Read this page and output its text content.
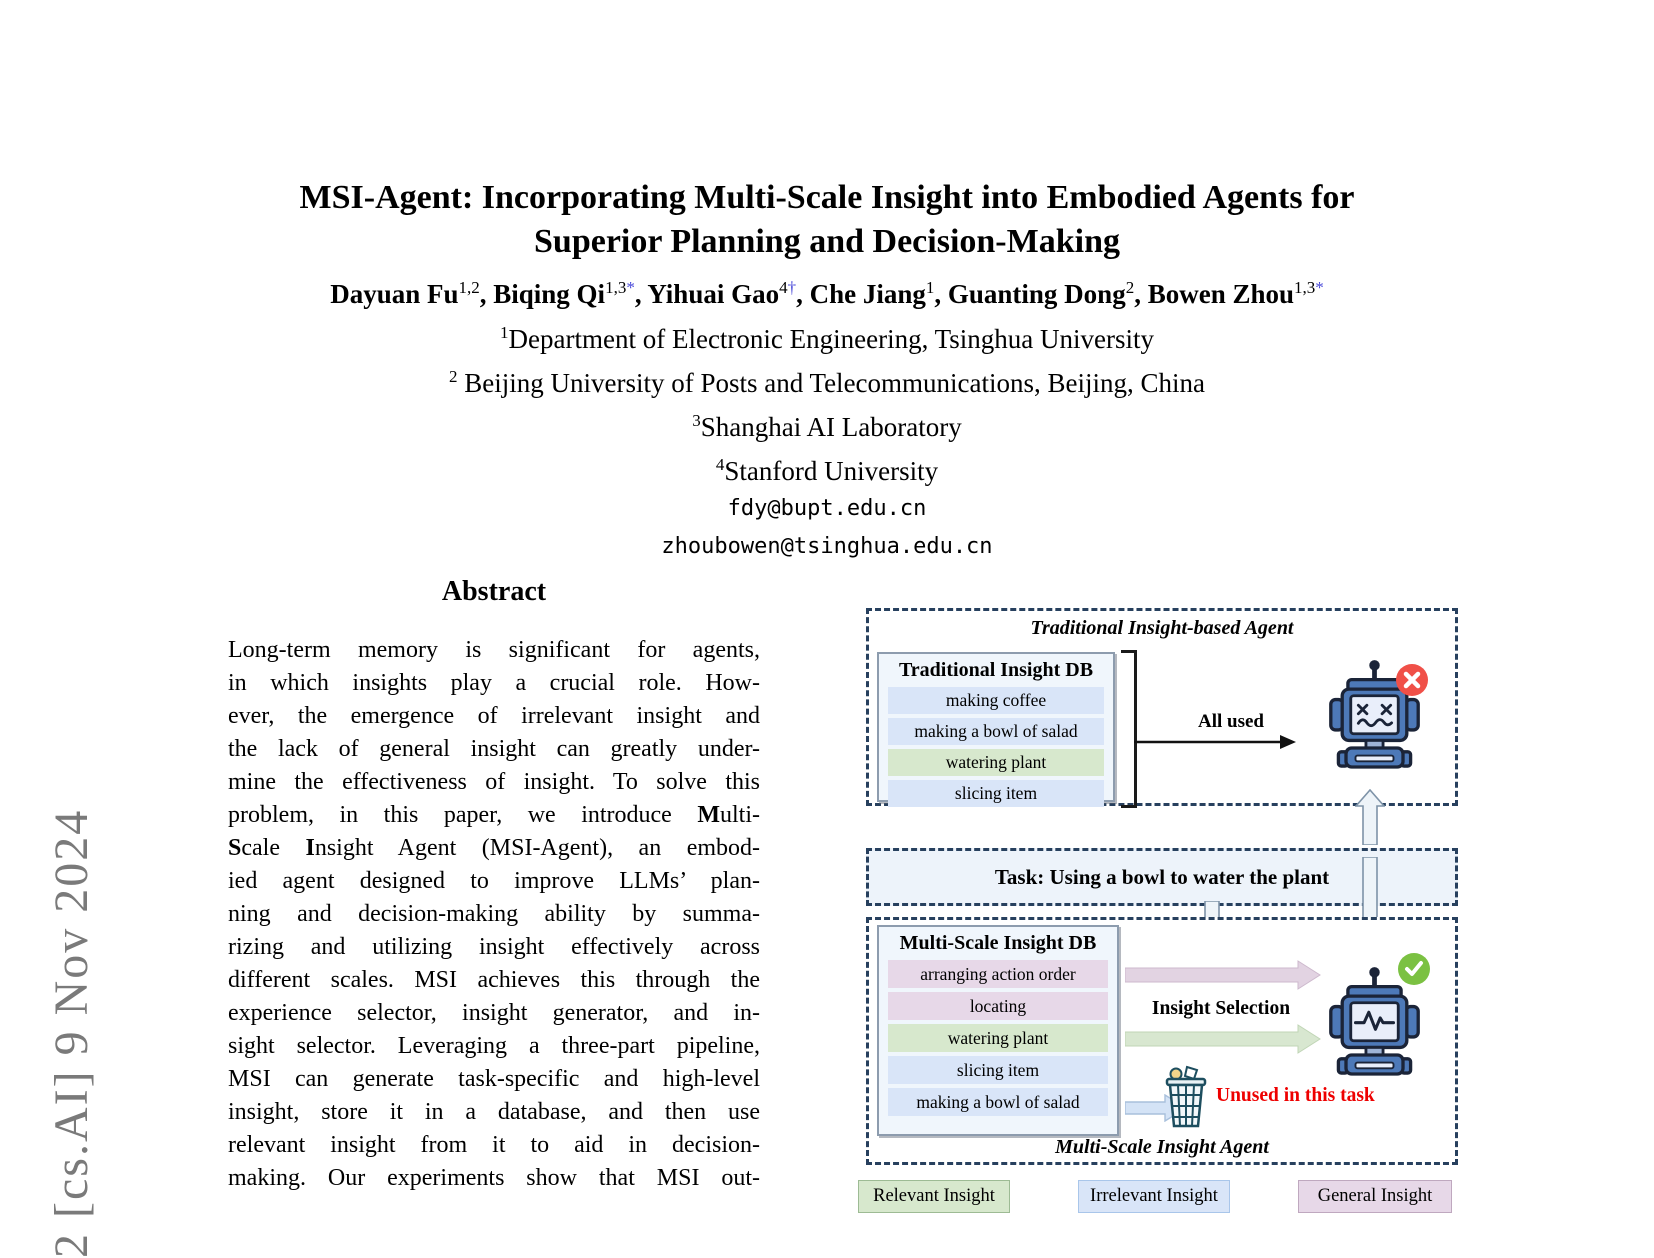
2 [cs.AI] 9 Nov 2024
MSI-Agent: Incorporating Multi-Scale Insight into Embodied Agents for
Superior Planning and Decision-Making
Dayuan Fu$^{1,2}$, Biqing $Qi^{1,3*}$, Yihuai Gao$^{4\dagger}$, Che Jiang$^1$, Guanting Dong$^2$, Bowen Zhou$^{1,3*}$
$^1$Department of Electronic Engineering, Tsinghua University
$^2$ Beijing University of Posts and Telecommunications, Beijing, China
$^3$Shanghai AI Laboratory
$^4$Stanford University
fdy@bupt.edu.cn
zhoubowen@tsinghua.edu.cn
Abstract
Long-term memory is significant for agents,
in which insights play a crucial role. How-
ever, the emergence of irrelevant insight and
the lack of general insight can greatly under-
mine the effectiveness of insight. To solve this
problem, in this paper, we introduce Multi-
Scale Insight Agent (MSI-Agent), an embod-
ied agent designed to improve LLMs’ plan-
ning and decision-making ability by summa-
rizing and utilizing insight effectively across
different scales. MSI achieves this through the
experience selector, insight generator, and in-
sight selector. Leveraging a three-part pipeline,
MSI can generate task-specific and high-level
insight, store it in a database, and then use
relevant insight from it to aid in decision-
making. Our experiments show that MSI out-
Traditional Insight-based Agent
Traditional Insight DB
making coffee
making a bowl of salad
watering plant
slicing item
All used
Task: Using a bowl to water the plant
Multi-Scale Insight DB
arranging action order
locating
watering plant
slicing item
making a bowl of salad
Insight Selection
Unused in this task
Multi-Scale Insight Agent
Relevant Insight	Irrelevant Insight	General Insight
